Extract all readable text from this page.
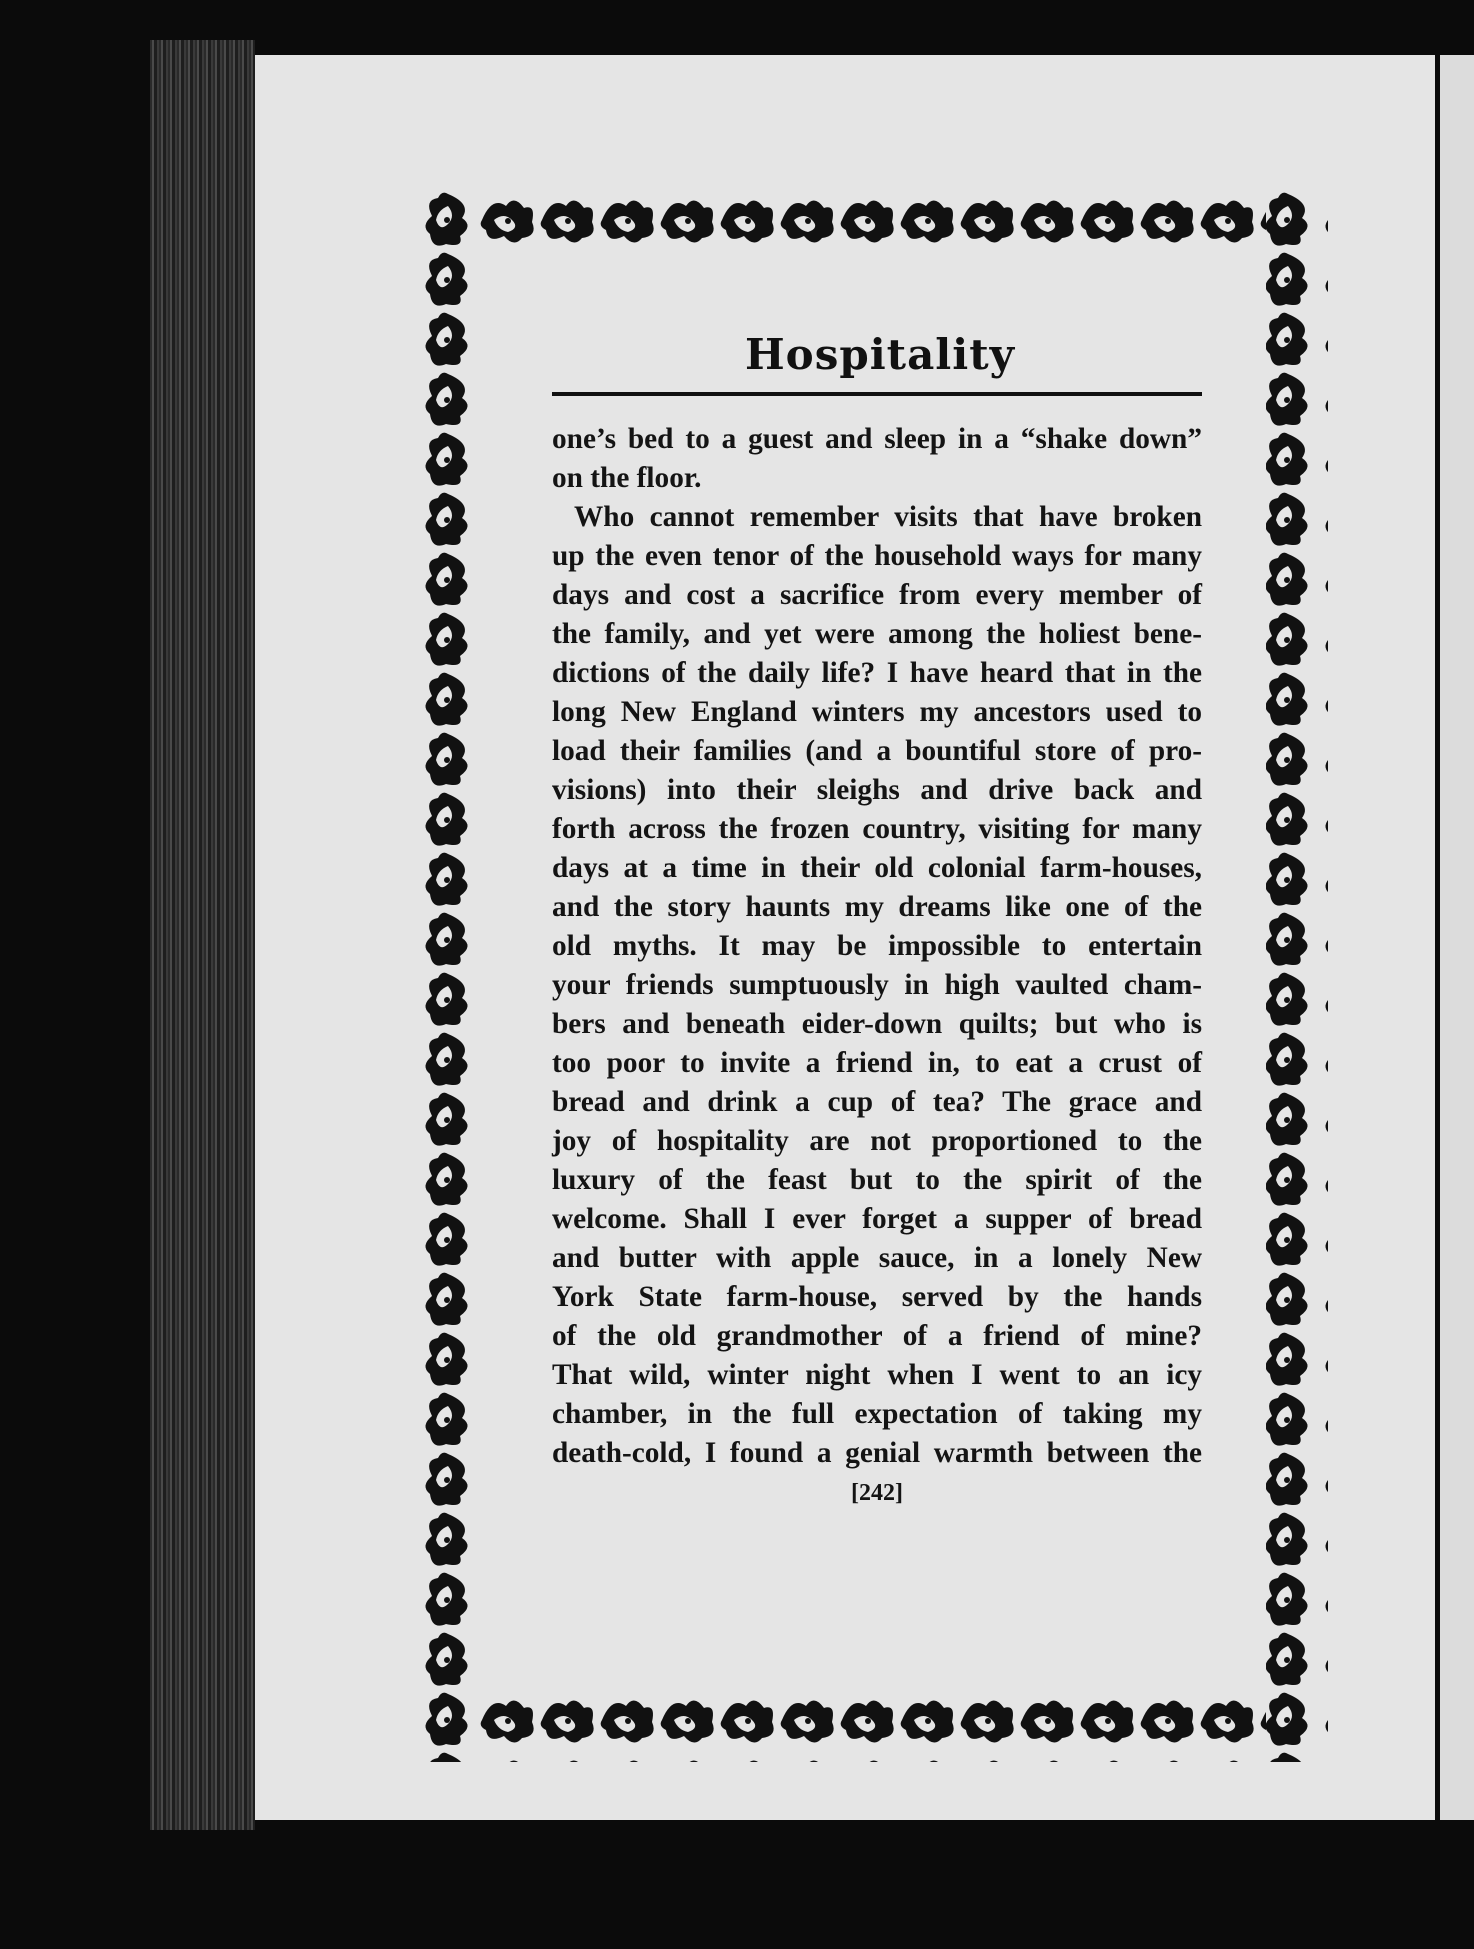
Hospitality
one’s bed to a guest and sleep in a “shake down”
on the floor.
Who cannot remember visits that have broken
up the even tenor of the household ways for many
days and cost a sacrifice from every member of
the family, and yet were among the holiest bene-
dictions of the daily life? I have heard that in the
long New England winters my ancestors used to
load their families (and a bountiful store of pro-
visions) into their sleighs and drive back and
forth across the frozen country, visiting for many
days at a time in their old colonial farm-houses,
and the story haunts my dreams like one of the
old myths. It may be impossible to entertain
your friends sumptuously in high vaulted cham-
bers and beneath eider-down quilts; but who is
too poor to invite a friend in, to eat a crust of
bread and drink a cup of tea? The grace and
joy of hospitality are not proportioned to the
luxury of the feast but to the spirit of the
welcome. Shall I ever forget a supper of bread
and butter with apple sauce, in a lonely New
York State farm-house, served by the hands
of the old grandmother of a friend of mine?
That wild, winter night when I went to an icy
chamber, in the full expectation of taking my
death-cold, I found a genial warmth between the
[242]
